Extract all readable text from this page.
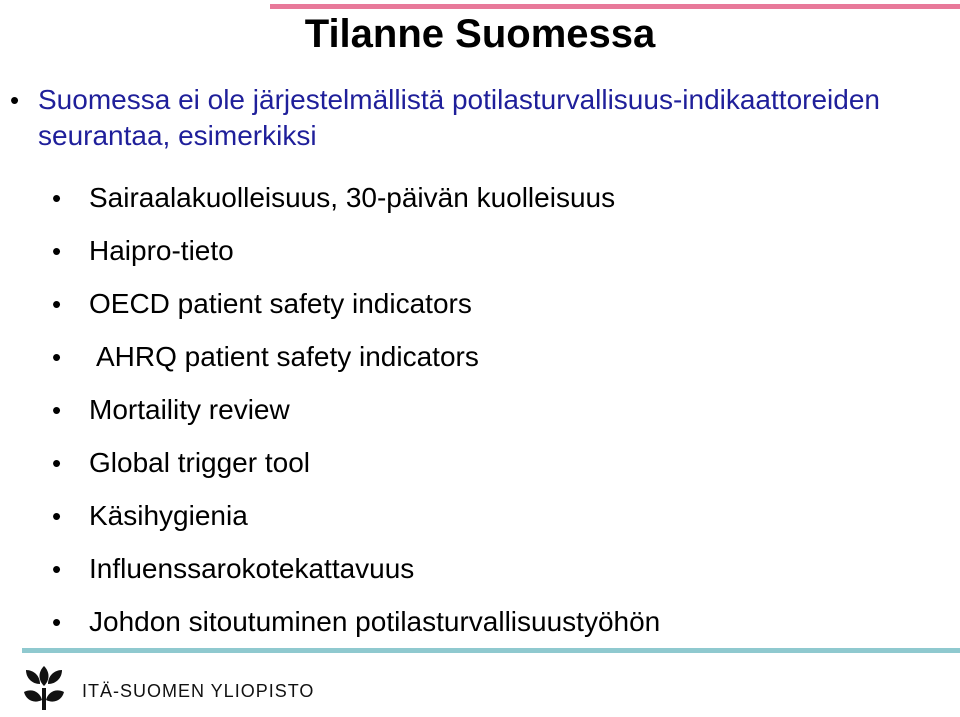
Tilanne Suomessa
• Suomessa ei ole järjestelmällistä potilasturvallisuus-indikaattoreiden seurantaa, esimerkiksi
• Sairaalakuolleisuus, 30-päivän kuolleisuus
• Haipro-tieto
• OECD patient safety indicators
• AHRQ patient safety indicators
• Mortaility review
• Global trigger tool
• Käsihygienia
• Influenssarokotekattavuus
• Johdon sitoutuminen potilasturvallisuustyöhön
ITÄ-SUOMEN YLIOPISTO
